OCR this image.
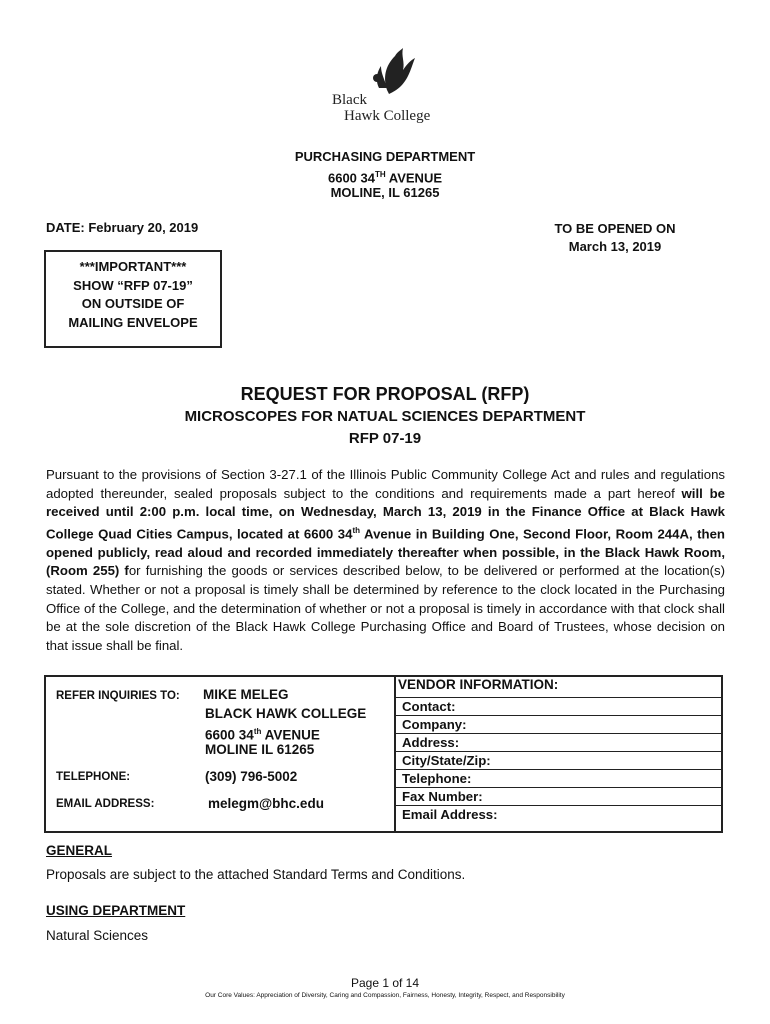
Black
Hawk College
PURCHASING DEPARTMENT
6600 34TH AVENUE
MOLINE, IL 61265
DATE: February 20, 2019	TO BE OPENED ON
March 13, 2019
***IMPORTANT***
SHOW “RFP 07-19”
ON OUTSIDE OF
MAILING ENVELOPE
REQUEST FOR PROPOSAL (RFP)
MICROSCOPES FOR NATUAL SCIENCES DEPARTMENT
RFP 07-19
Pursuant to the provisions of Section 3-27.1 of the Illinois Public Community College Act and rules and regulations adopted thereunder, sealed proposals subject to the conditions and requirements made a part hereof will be received until 2:00 p.m. local time, on Wednesday, March 13, 2019 in the Finance Office at Black Hawk College Quad Cities Campus, located at 6600 34th Avenue in Building One, Second Floor, Room 244A, then opened publicly, read aloud and recorded immediately thereafter when possible, in the Black Hawk Room, (Room 255) for furnishing the goods or services described below, to be delivered or performed at the location(s) stated. Whether or not a proposal is timely shall be determined by reference to the clock located in the Purchasing Office of the College, and the determination of whether or not a proposal is timely in accordance with that clock shall be at the sole discretion of the Black Hawk College Purchasing Office and Board of Trustees, whose decision on that issue shall be final.
REFER INQUIRIES TO: MIKE MELEG
BLACK HAWK COLLEGE
6600 34th AVENUE
MOLINE IL 61265
TELEPHONE:	(309) 796-5002
EMAIL ADDRESS:	melegm@bhc.edu
VENDOR INFORMATION:
Contact:
Company:
Address:
City/State/Zip:
Telephone:
Fax Number:
Email Address:
GENERAL
Proposals are subject to the attached Standard Terms and Conditions.
USING DEPARTMENT
Natural Sciences
Page 1 of 14
Our Core Values: Appreciation of Diversity, Caring and Compassion, Fairness, Honesty, Integrity, Respect, and Responsibility
